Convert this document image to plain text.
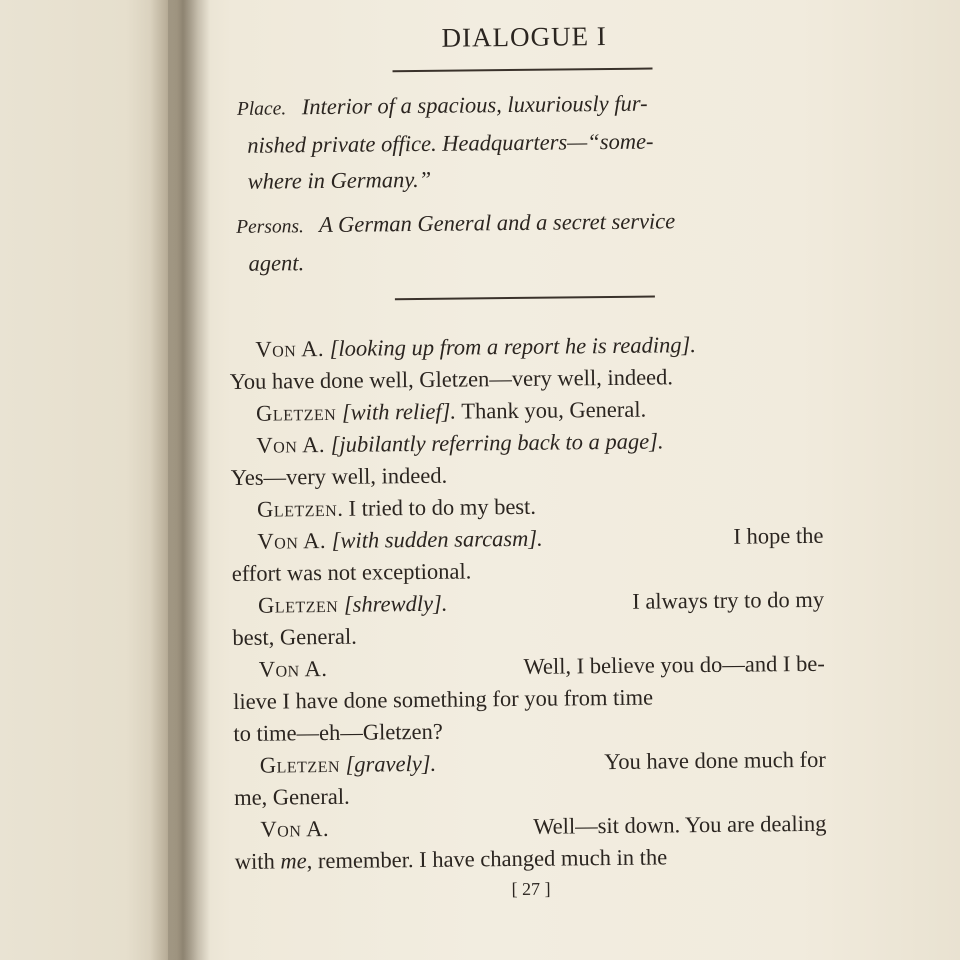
DIALOGUE I
Place. Interior of a spacious, luxuriously fur-
nished private office. Headquarters—“some-
where in Germany.”
Persons. A German General and a secret service
agent.
Von A. [looking up from a report he is reading].
You have done well, Gletzen—very well, indeed.
Gletzen [with relief]. Thank you, General.
Von A. [jubilantly referring back to a page].
Yes—very well, indeed.
Gletzen. I tried to do my best.
Von A. [with sudden sarcasm].	I hope the
effort was not exceptional.
Gletzen [shrewdly].	I always try to do my
best, General.
Von A.	Well, I believe you do—and I be-
lieve I have done something for you from time
to time—eh—Gletzen?
Gletzen [gravely].	You have done much for
me, General.
Von A.	Well—sit down. You are dealing
with me, remember. I have changed much in the
[ 27 ]
